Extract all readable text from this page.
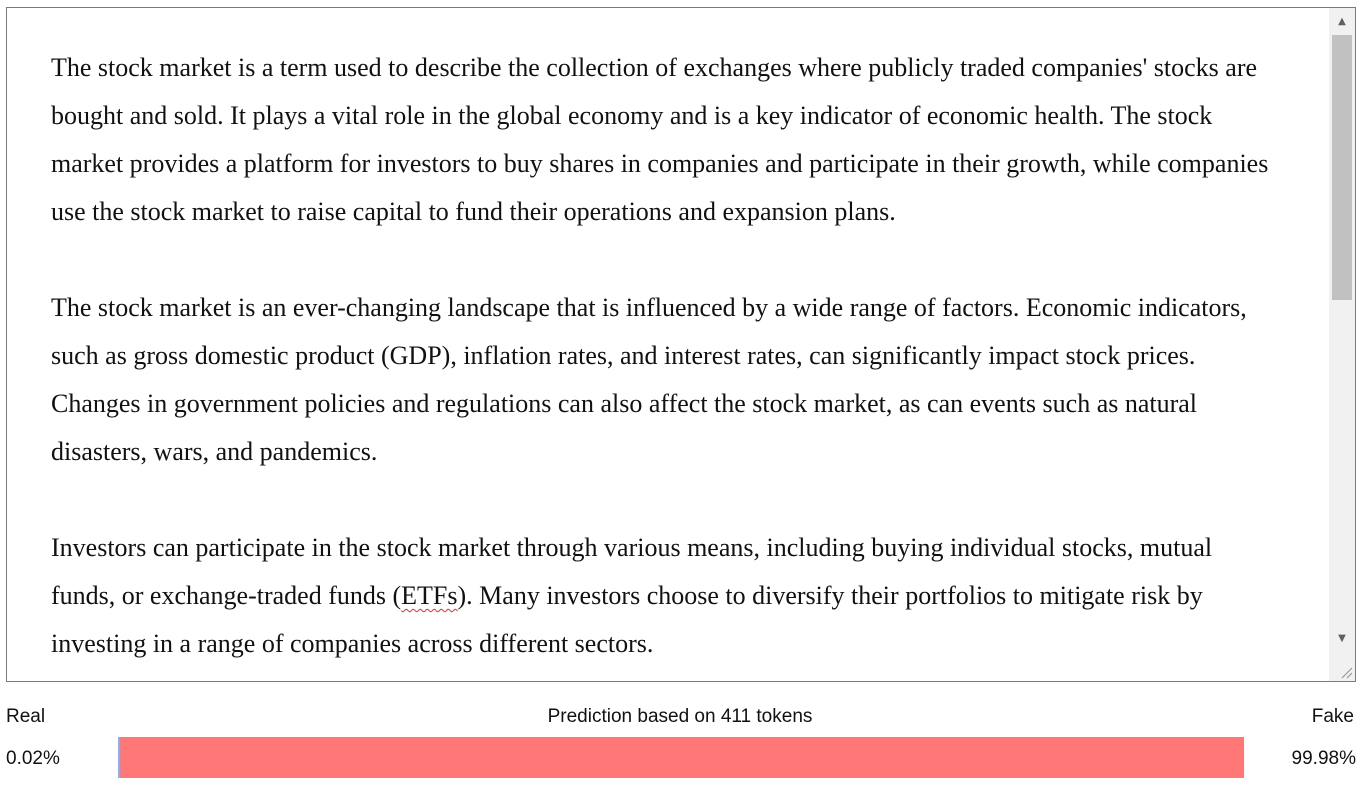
The stock market is a term used to describe the collection of exchanges where publicly traded companies' stocks are bought and sold. It plays a vital role in the global economy and is a key indicator of economic health. The stock market provides a platform for investors to buy shares in companies and participate in their growth, while companies use the stock market to raise capital to fund their operations and expansion plans.

The stock market is an ever-changing landscape that is influenced by a wide range of factors. Economic indicators, such as gross domestic product (GDP), inflation rates, and interest rates, can significantly impact stock prices. Changes in government policies and regulations can also affect the stock market, as can events such as natural disasters, wars, and pandemics.

Investors can participate in the stock market through various means, including buying individual stocks, mutual funds, or exchange-traded funds (ETFs). Many investors choose to diversify their portfolios to mitigate risk by investing in a range of companies across different sectors.

▲
▼
Real	Prediction based on 411 tokens	Fake
0.02%	99.98%
